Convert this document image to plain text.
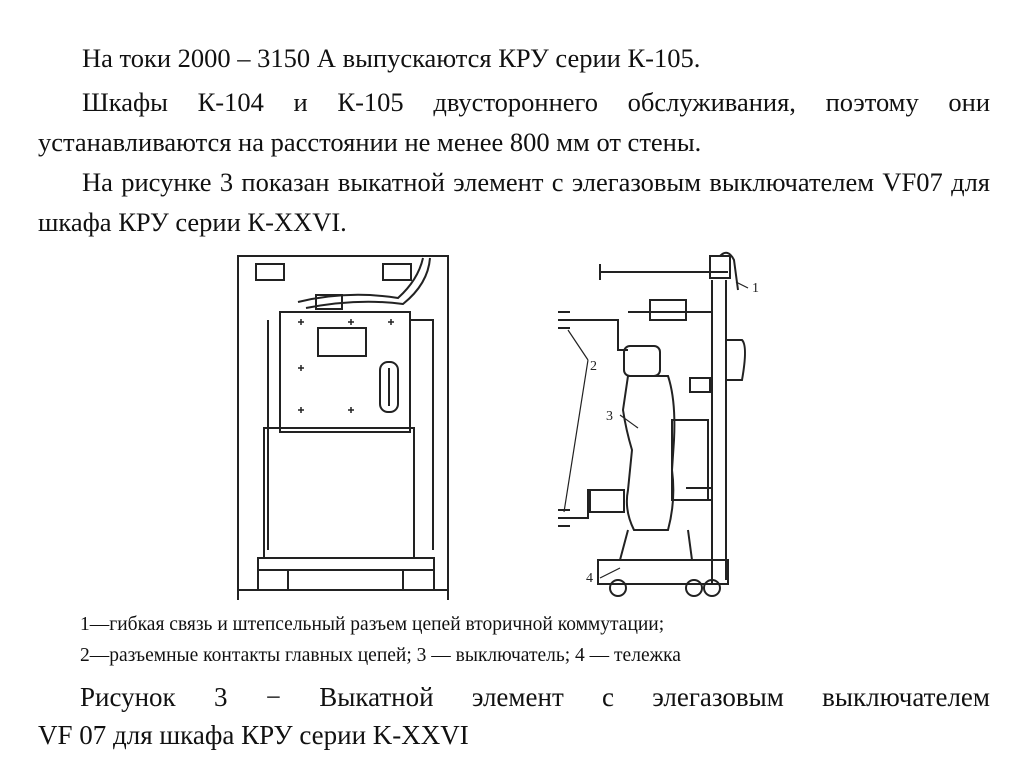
На токи 2000 – 3150 А выпускаются КРУ серии К-105.

Шкафы К-104 и К-105 двустороннего обслуживания, поэтому они устанавливаются на расстоянии не менее 800 мм от стены.

На рисунке 3 показан выкатной элемент с элегазовым выключателем VF07 для шкафа КРУ серии К-XXVI.

1
2
3
4

1—гибкая связь и штепсельный разъем цепей вторичной коммутации;

2—разъемные контакты главных цепей; 3 — выключатель; 4 — тележка

Рисунок 3 − Выкатной элемент с элегазовым выключателем

VF 07 для шкафа КРУ серии K-XXVI
